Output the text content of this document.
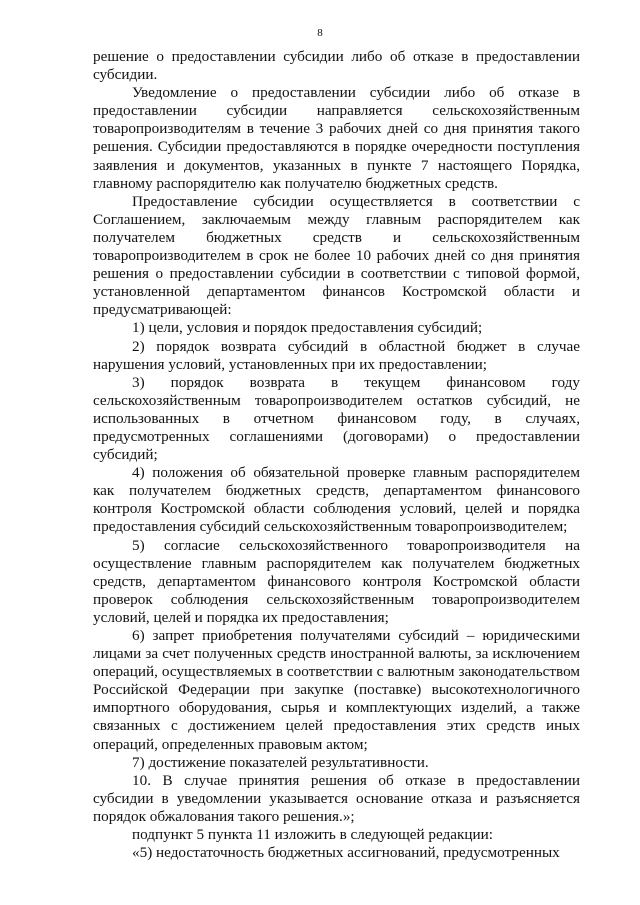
8

решение о предоставлении субсидии либо об отказе в предоставлении субсидии.

Уведомление о предоставлении субсидии либо об отказе в предоставлении субсидии направляется сельскохозяйственным товаропроизводителям в течение 3 рабочих дней со дня принятия такого решения. Субсидии предоставляются в порядке очередности поступления заявления и документов, указанных в пункте 7 настоящего Порядка, главному распорядителю как получателю бюджетных средств.

Предоставление субсидии осуществляется в соответствии с Соглашением, заключаемым между главным распорядителем как получателем бюджетных средств и сельскохозяйственным товаропроизводителем в срок не более 10 рабочих дней со дня принятия решения о предоставлении субсидии в соответствии с типовой формой, установленной департаментом финансов Костромской области и предусматривающей:

1) цели, условия и порядок предоставления субсидий;

2) порядок возврата субсидий в областной бюджет в случае нарушения условий, установленных при их предоставлении;

3) порядок возврата в текущем финансовом году сельскохозяйственным товаропроизводителем остатков субсидий, не использованных в отчетном финансовом году, в случаях, предусмотренных соглашениями (договорами) о предоставлении субсидий;

4) положения об обязательной проверке главным распорядителем как получателем бюджетных средств, департаментом финансового контроля Костромской области соблюдения условий, целей и порядка предоставления субсидий сельскохозяйственным товаропроизводителем;

5) согласие сельскохозяйственного товаропроизводителя на осуществление главным распорядителем как получателем бюджетных средств, департаментом финансового контроля Костромской области проверок соблюдения сельскохозяйственным товаропроизводителем условий, целей и порядка их предоставления;

6) запрет приобретения получателями субсидий – юридическими лицами за счет полученных средств иностранной валюты, за исключением операций, осуществляемых в соответствии с валютным законодательством Российской Федерации при закупке (поставке) высокотехнологичного импортного оборудования, сырья и комплектующих изделий, а также связанных с достижением целей предоставления этих средств иных операций, определенных правовым актом;

7) достижение показателей результативности.

10. В случае принятия решения об отказе в предоставлении субсидии в уведомлении указывается основание отказа и разъясняется порядок обжалования такого решения.»;

подпункт 5 пункта 11 изложить в следующей редакции:

«5) недостаточность бюджетных ассигнований, предусмотренных
